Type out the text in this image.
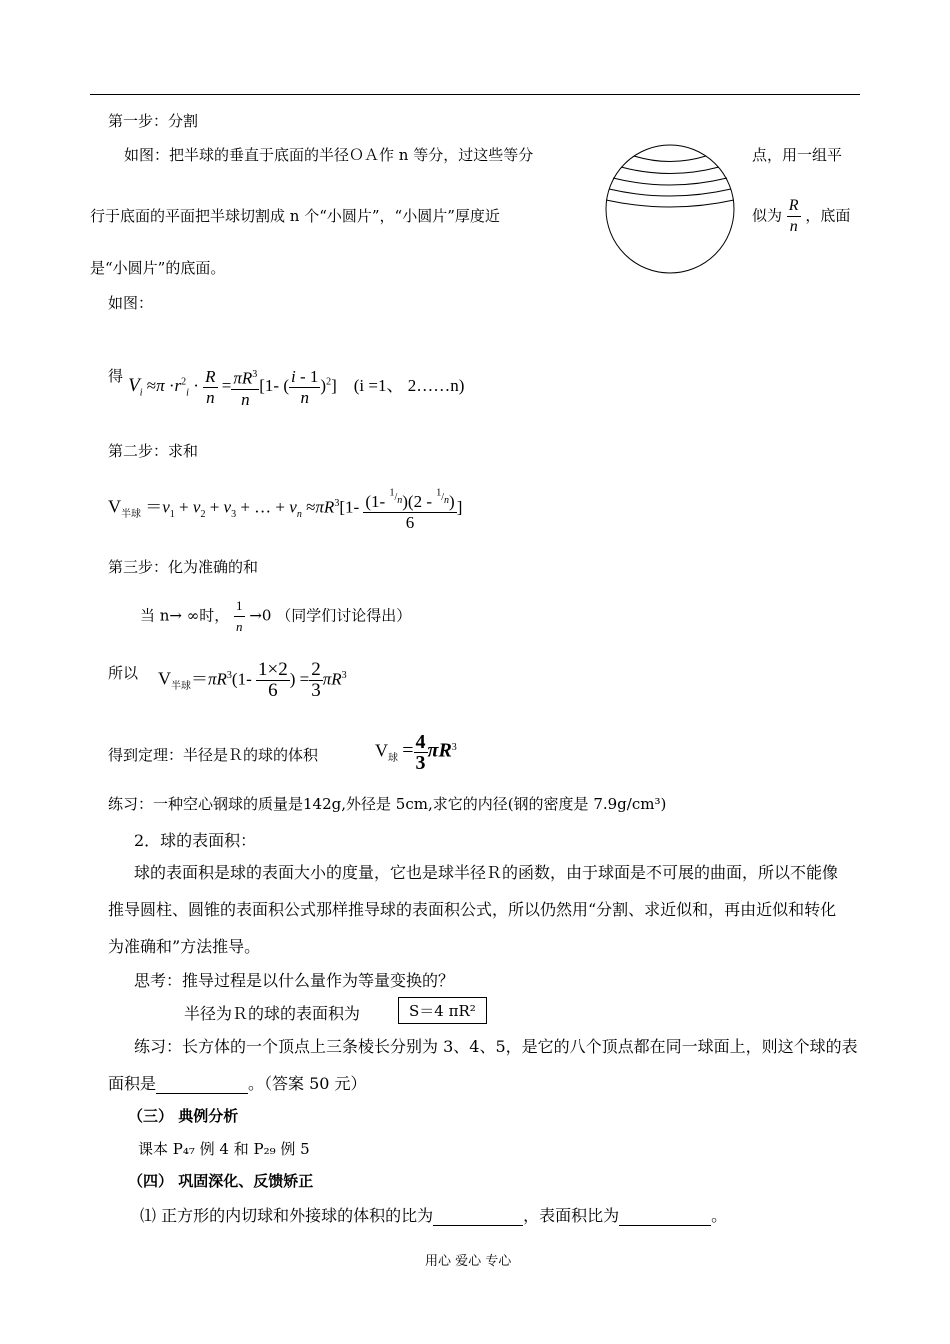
第一步：分割
如图：把半球的垂直于底面的半径ＯＡ作 n 等分，过这些等分	点，用一组平
行于底面的平面把半球切割成 n 个“小圆片”，“小圆片”厚度近	似为 $\frac{R}{n}$ ，底面
是“小圆片”的底面。
如图：
得 $V_i \approx\pi \cdot r^2_i \cdot \frac{R}{n} = \frac{\pi R^3}{n} [1-$ ( $\frac{i - 1}{n} )^2$]    (i =1、 2……n)
第二步：求和
$V_{半球} =v_1 + v_2 + v_3$ + … + $v_n \approx\pi R^3[1- \frac{(1- ^{^1/_n})(2 - ^{^1/_n})}{6}$ ]
第三步：化为准确的和
当 n→ ∞时， $\frac{1}{n} \to 0$ （同学们讨论得出）
所以 $V_{半球}=\pi R^3(1- \frac{1\times 2}{6}$ ) = $\frac{2}{3} \pi R^3$
得到定理：半径是Ｒ的球的体积	$V_球 = \frac{4}{3} \pi R^3$
练习：一种空心钢球的质量是142g,外径是 5cm,求它的内径(钢的密度是 7.9g/cm³)
2．球的表面积：
球的表面积是球的表面大小的度量，它也是球半径Ｒ的函数，由于球面是不可展的曲面，所以不能像
推导圆柱、圆锥的表面积公式那样推导球的表面积公式，所以仍然用“分割、求近似和，再由近似和转化
为准确和”方法推导。
思考：推导过程是以什么量作为等量变换的？
半径为Ｒ的球的表面积为	S＝4 πR²
练习：长方体的一个顶点上三条棱长分别为 3、4、5，是它的八个顶点都在同一球面上，则这个球的表
面积是	。（答案 50 元）
（三） 典例分析
课本 P₄₇ 例 4 和 P₂₉ 例 5
（四） 巩固深化、反馈矫正
⑴ 正方形的内切球和外接球的体积的比为	，表面积比为	。
用心 爱心 专心
